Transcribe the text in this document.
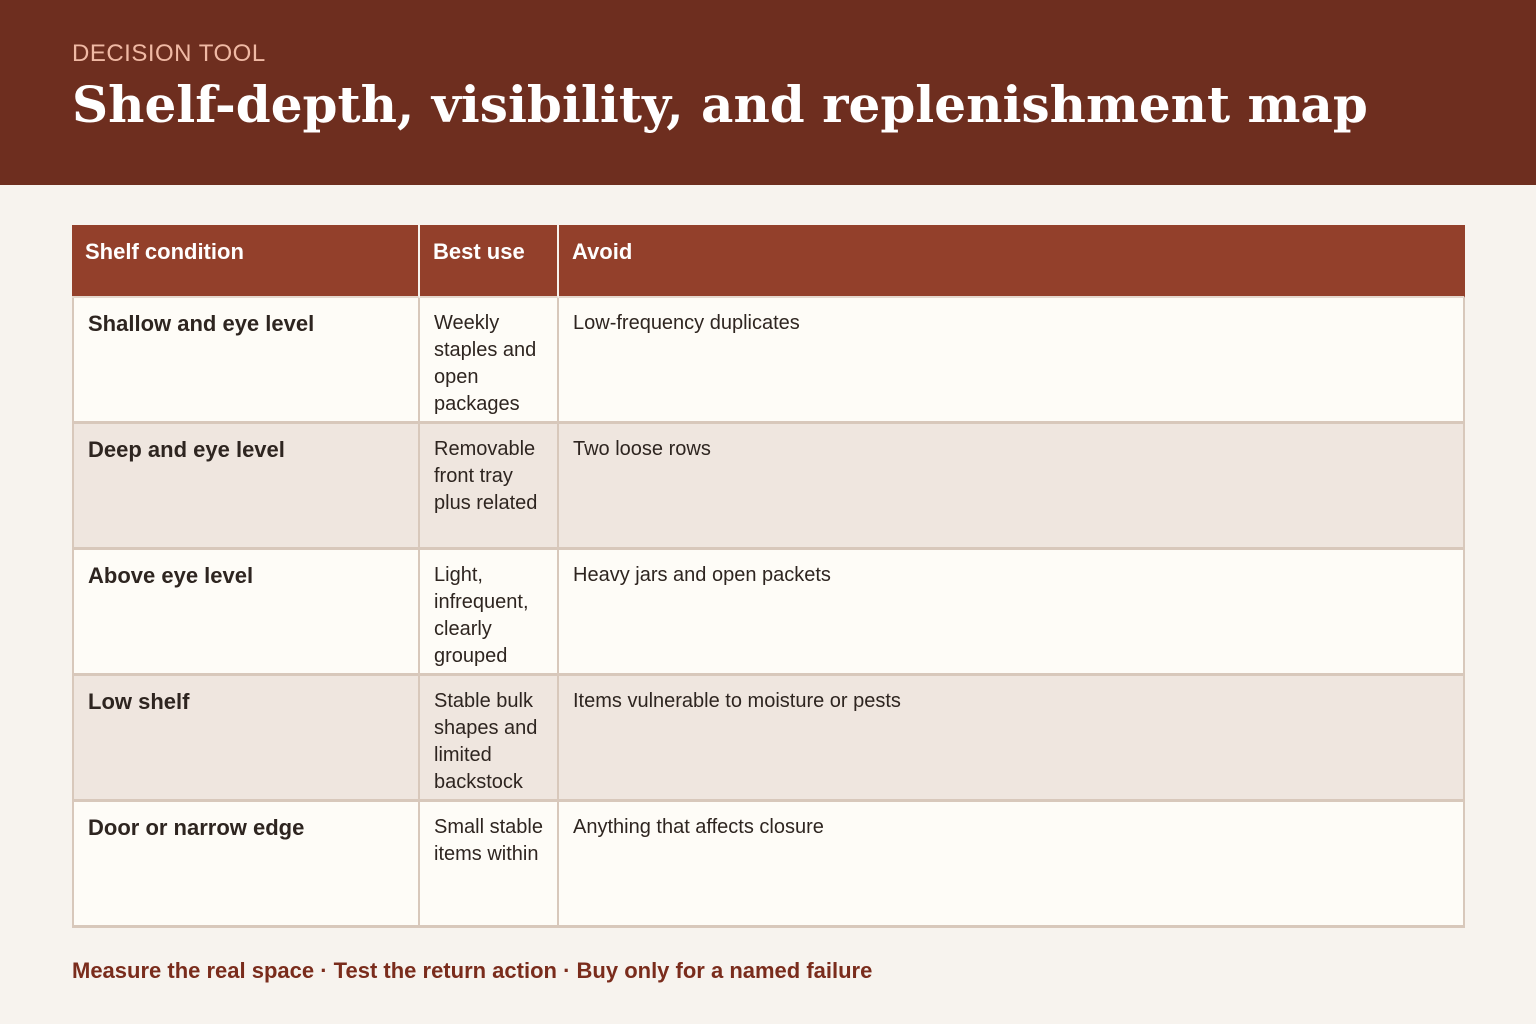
DECISION TOOL

Shelf-depth, visibility, and replenishment map
Shelf condition	Best use	Avoid
Shallow and eye level	Weekly staples and open packages	Low-frequency duplicates
Deep and eye level	Removable front tray plus related	Two loose rows
Above eye level	Light, infrequent, clearly grouped	Heavy jars and open packets
Low shelf	Stable bulk shapes and limited backstock	Items vulnerable to moisture or pests
Door or narrow edge	Small stable items within	Anything that affects closure

Measure the real space · Test the return action · Buy only for a named failure
